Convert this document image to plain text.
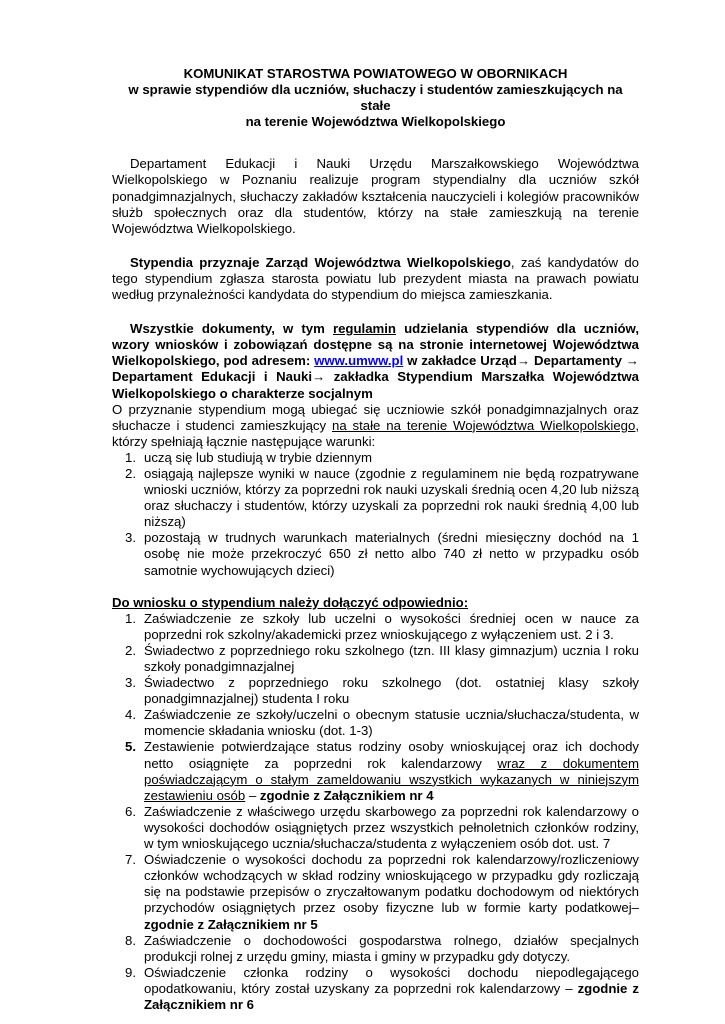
KOMUNIKAT STAROSTWA POWIATOWEGO W OBORNIKACH
w sprawie stypendiów dla uczniów, słuchaczy i studentów zamieszkujących na stałe
na terenie Województwa Wielkopolskiego

Departament Edukacji i Nauki Urzędu Marszałkowskiego Województwa Wielkopolskiego w Poznaniu realizuje program stypendialny dla uczniów szkół ponadgimnazjalnych, słuchaczy zakładów kształcenia nauczycieli i kolegiów pracowników służb społecznych oraz dla studentów, którzy na stałe zamieszkują na terenie Województwa Wielkopolskiego.

Stypendia przyznaje Zarząd Województwa Wielkopolskiego, zaś kandydatów do tego stypendium zgłasza starosta powiatu lub prezydent miasta na prawach powiatu według przynależności kandydata do stypendium do miejsca zamieszkania.

Wszystkie dokumenty, w tym regulamin udzielania stypendiów dla uczniów, wzory wniosków i zobowiązań dostępne są na stronie internetowej Województwa Wielkopolskiego, pod adresem: www.umww.pl w zakładce Urząd→ Departamenty → Departament Edukacji i Nauki→ zakładka Stypendium Marszałka Województwa Wielkopolskiego o charakterze socjalnym

O przyznanie stypendium mogą ubiegać się uczniowie szkół ponadgimnazjalnych oraz słuchacze i studenci zamieszkujący na stałe na terenie Województwa Wielkopolskiego, którzy spełniają łącznie następujące warunki:

1. uczą się lub studiują w trybie dziennym
2. osiągają najlepsze wyniki w nauce (zgodnie z regulaminem nie będą rozpatrywane wnioski uczniów, którzy za poprzedni rok nauki uzyskali średnią ocen 4,20 lub niższą oraz słuchaczy i studentów, którzy uzyskali za poprzedni rok nauki średnią 4,00 lub niższą)
3. pozostają w trudnych warunkach materialnych (średni miesięczny dochód na 1 osobę nie może przekroczyć 650 zł netto albo 740 zł netto w przypadku osób samotnie wychowujących dzieci)
Do wniosku o stypendium należy dołączyć odpowiednio:
1. Zaświadczenie ze szkoły lub uczelni o wysokości średniej ocen w nauce za poprzedni rok szkolny/akademicki przez wnioskującego z wyłączeniem ust. 2 i 3.
2. Świadectwo z poprzedniego roku szkolnego (tzn. III klasy gimnazjum) ucznia I roku szkoły ponadgimnazjalnej
3. Świadectwo z poprzedniego roku szkolnego (dot. ostatniej klasy szkoły ponadgimnazjalnej) studenta I roku
4. Zaświadczenie ze szkoły/uczelni o obecnym statusie ucznia/słuchacza/studenta, w momencie składania wniosku (dot. 1-3)
5. Zestawienie potwierdzające status rodziny osoby wnioskującej oraz ich dochody netto osiągnięte za poprzedni rok kalendarzowy wraz z dokumentem poświadczającym o stałym zameldowaniu wszystkich wykazanych w niniejszym zestawieniu osób – zgodnie z Załącznikiem nr 4
6. Zaświadczenie z właściwego urzędu skarbowego za poprzedni rok kalendarzowy o wysokości dochodów osiągniętych przez wszystkich pełnoletnich członków rodziny, w tym wnioskującego ucznia/słuchacza/studenta z wyłączeniem osób dot. ust. 7
7. Oświadczenie o wysokości dochodu za poprzedni rok kalendarzowy/rozliczeniowy członków wchodzących w skład rodziny wnioskującego w przypadku gdy rozliczają się na podstawie przepisów o zryczałtowanym podatku dochodowym od niektórych przychodów osiągniętych przez osoby fizyczne lub w formie karty podatkowej– zgodnie z Załącznikiem nr 5
8. Zaświadczenie o dochodowości gospodarstwa rolnego, działów specjalnych produkcji rolnej z urzędu gminy, miasta i gminy w przypadku gdy dotyczy.
9. Oświadczenie członka rodziny o wysokości dochodu niepodlegającego opodatkowaniu, który został uzyskany za poprzedni rok kalendarzowy – zgodnie z Załącznikiem nr 6
